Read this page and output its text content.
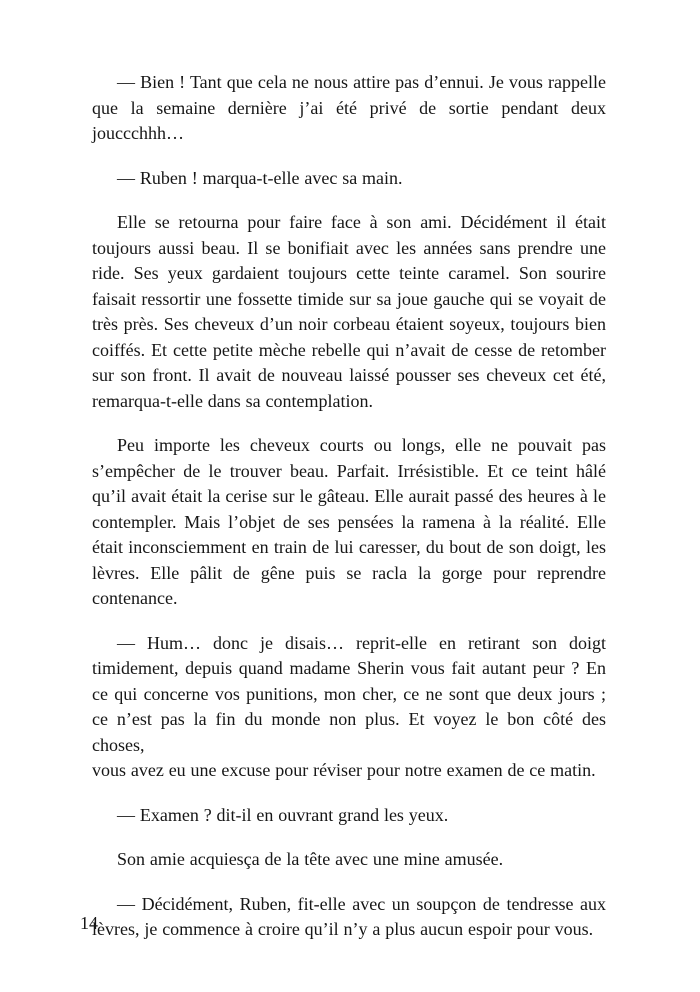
— Bien ! Tant que cela ne nous attire pas d’ennui. Je vous rappelle
que la semaine dernière j’ai été privé de sortie pendant deux
jouccchhh…

— Ruben ! marqua-t-elle avec sa main.

Elle se retourna pour faire face à son ami. Décidément il était
toujours aussi beau. Il se bonifiait avec les années sans prendre une
ride. Ses yeux gardaient toujours cette teinte caramel. Son sourire
faisait ressortir une fossette timide sur sa joue gauche qui se voyait de
très près. Ses cheveux d’un noir corbeau étaient soyeux, toujours bien
coiffés. Et cette petite mèche rebelle qui n’avait de cesse de retomber
sur son front. Il avait de nouveau laissé pousser ses cheveux cet été,
remarqua-t-elle dans sa contemplation.

Peu importe les cheveux courts ou longs, elle ne pouvait pas
s’empêcher de le trouver beau. Parfait. Irrésistible. Et ce teint hâlé
qu’il avait était la cerise sur le gâteau. Elle aurait passé des heures à le
contempler. Mais l’objet de ses pensées la ramena à la réalité. Elle
était inconsciemment en train de lui caresser, du bout de son doigt, les
lèvres. Elle pâlit de gêne puis se racla la gorge pour reprendre
contenance.

— Hum… donc je disais… reprit-elle en retirant son doigt
timidement, depuis quand madame Sherin vous fait autant peur ? En
ce qui concerne vos punitions, mon cher, ce ne sont que deux jours ;
ce n’est pas la fin du monde non plus. Et voyez le bon côté des choses,
vous avez eu une excuse pour réviser pour notre examen de ce matin.

— Examen ? dit-il en ouvrant grand les yeux.

Son amie acquiesça de la tête avec une mine amusée.

— Décidément, Ruben, fit-elle avec un soupçon de tendresse aux
lèvres, je commence à croire qu’il n’y a plus aucun espoir pour vous.

14
